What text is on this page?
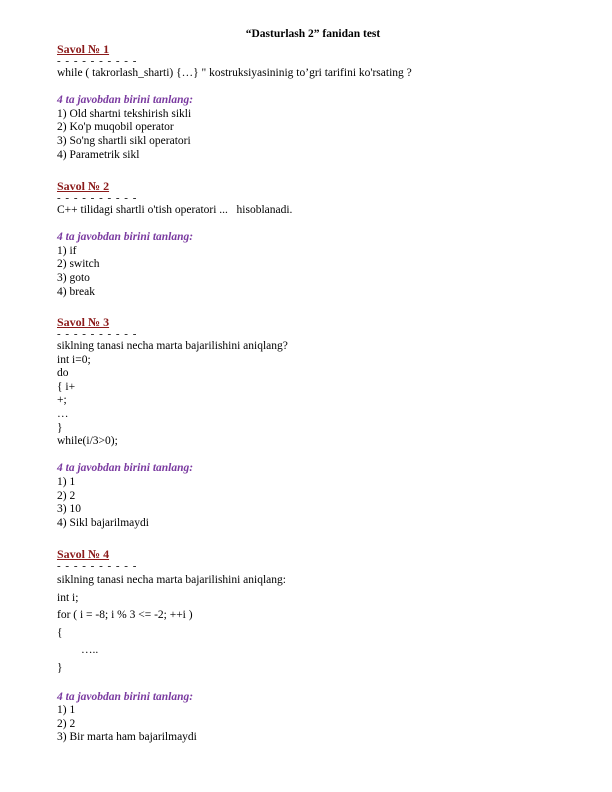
“Dasturlash 2” fanidan test
Savol № 1
- - - - - - - - - -
while ( takrorlash_sharti) {…} " kostruksiyasininig to’gri tarifini ko'rsating ?
4 ta javobdan birini tanlang:
1) Old shartni tekshirish sikli
2) Ko'p muqobil operator
3) So'ng shartli sikl operatori
4) Parametrik sikl
Savol № 2
- - - - - - - - - -
C++ tilidagi shartli o'tish operatori ...   hisoblanadi.
4 ta javobdan birini tanlang:
1) if
2) switch
3) goto
4) break
Savol № 3
- - - - - - - - - -
siklning tanasi necha marta bajarilishini aniqlang?
int i=0;
do
{ i+
+;
…
}
while(i/3>0);
4 ta javobdan birini tanlang:
1) 1
2) 2
3) 10
4) Sikl bajarilmaydi
Savol № 4
- - - - - - - - - -
siklning tanasi necha marta bajarilishini aniqlang:
int i;
for ( i = -8; i % 3 <= -2; ++i )
{
…..
}
4 ta javobdan birini tanlang:
1) 1
2) 2
3) Bir marta ham bajarilmaydi
